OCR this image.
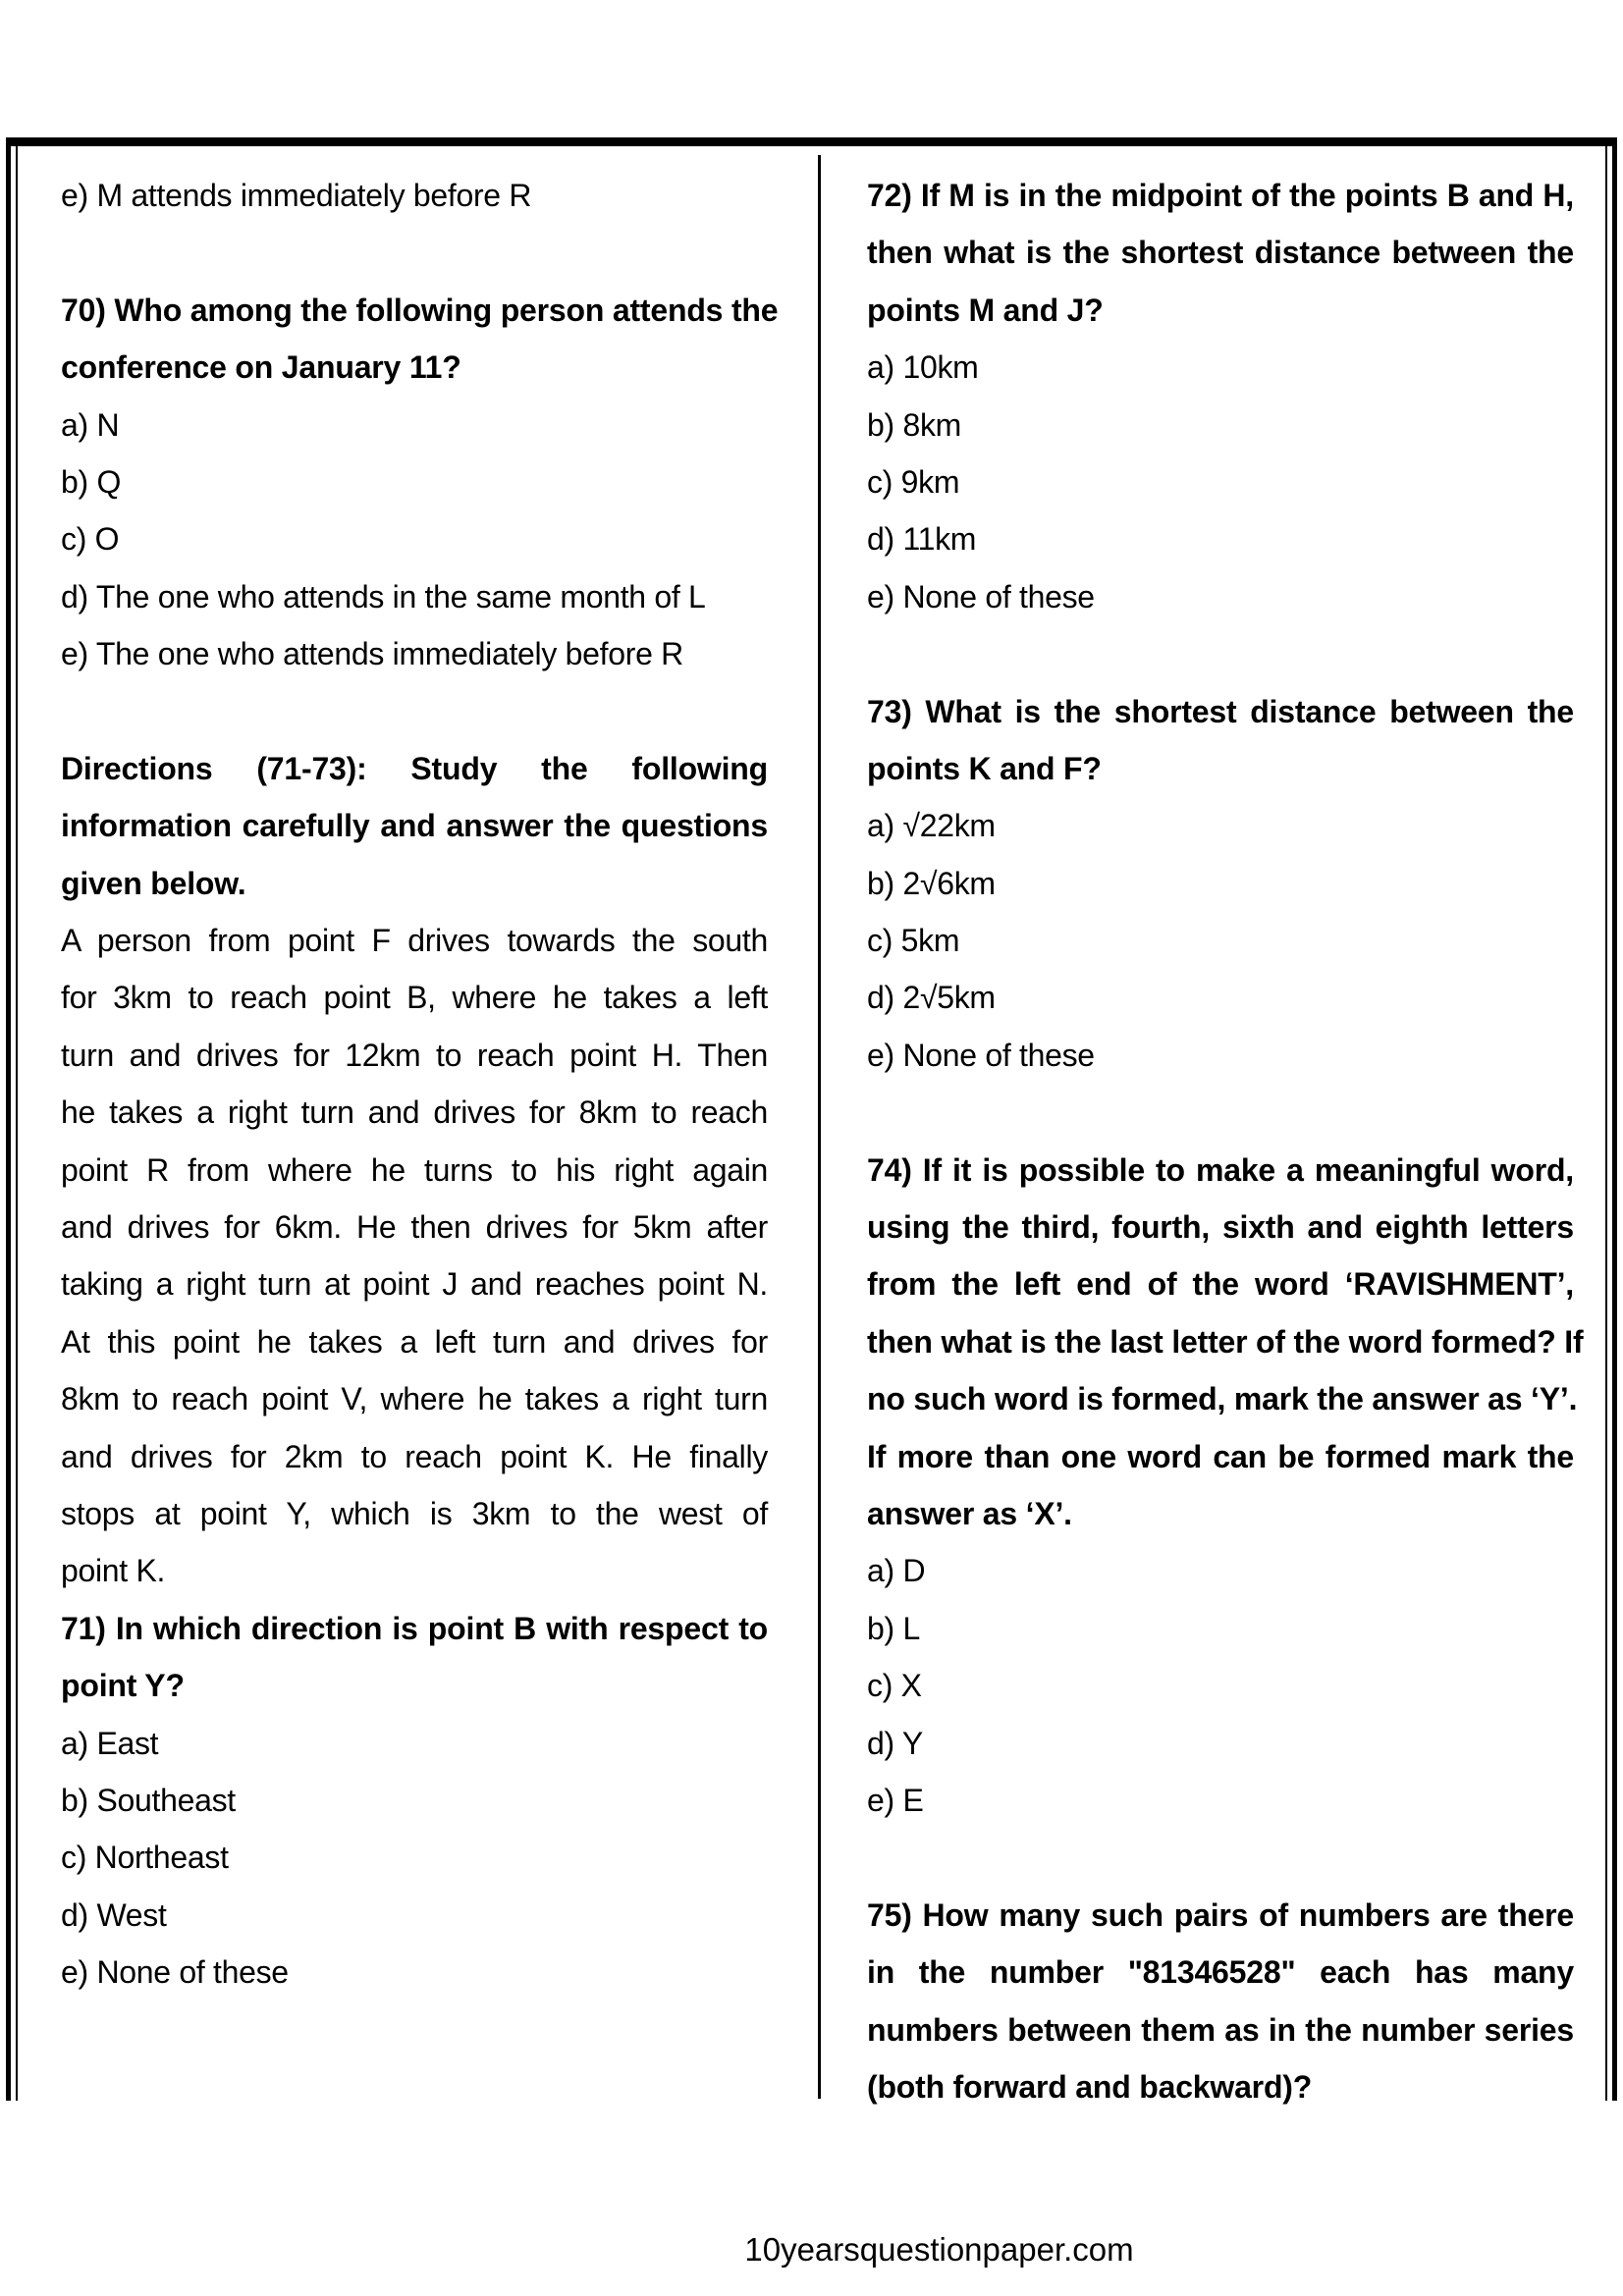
e) M attends immediately before R
70) Who among the following person attends the
conference on January 11?
a) N
b) Q
c) O
d) The one who attends in the same month of L
e) The one who attends immediately before R
Directions (71-73): Study the following
information carefully and answer the questions
given below.
A person from point F drives towards the south
for 3km to reach point B, where he takes a left
turn and drives for 12km to reach point H. Then
he takes a right turn and drives for 8km to reach
point R from where he turns to his right again
and drives for 6km. He then drives for 5km after
taking a right turn at point J and reaches point N.
At this point he takes a left turn and drives for
8km to reach point V, where he takes a right turn
and drives for 2km to reach point K. He finally
stops at point Y, which is 3km to the west of
point K.
71) In which direction is point B with respect to
point Y?
a) East
b) Southeast
c) Northeast
d) West
e) None of these
72) If M is in the midpoint of the points B and H,
then what is the shortest distance between the
points M and J?
a) 10km
b) 8km
c) 9km
d) 11km
e) None of these
73) What is the shortest distance between the
points K and F?
a) √22km
b) 2√6km
c) 5km
d) 2√5km
e) None of these
74) If it is possible to make a meaningful word,
using the third, fourth, sixth and eighth letters
from the left end of the word ‘RAVISHMENT’,
then what is the last letter of the word formed? If
no such word is formed, mark the answer as ‘Y’.
If more than one word can be formed mark the
answer as ‘X’.
a) D
b) L
c) X
d) Y
e) E
75) How many such pairs of numbers are there
in the number "81346528" each has many
numbers between them as in the number series
(both forward and backward)?
10yearsquestionpaper.com
